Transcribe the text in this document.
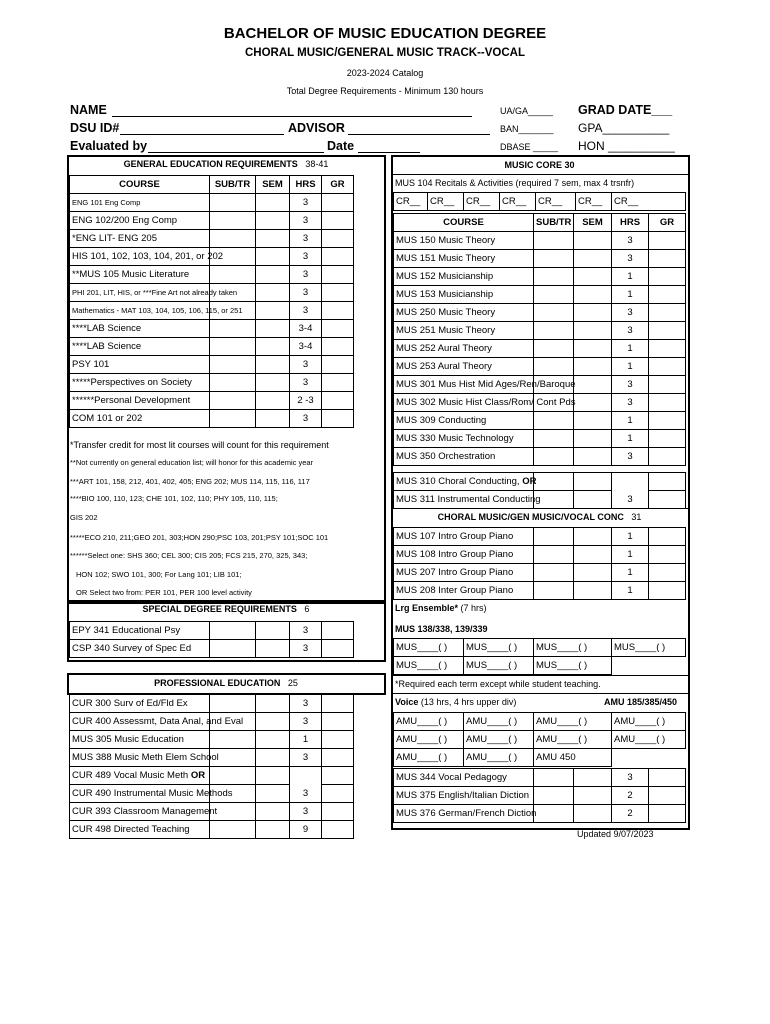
BACHELOR OF MUSIC EDUCATION DEGREE
CHORAL MUSIC/GENERAL MUSIC TRACK--VOCAL
2023-2024 Catalog
Total Degree Requirements - Minimum 130 hours
NAME
DSU ID#	ADVISOR
Evaluated by	Date
UA/GA_____
BAN_______
DBASE _____
GRAD DATE___
GPA__________
HON __________
GENERAL EDUCATION REQUIREMENTS 38-41
COURSE	SUB/TR	SEM	HRS	GR
ENG 101 Eng Comp			3	
ENG 102/200 Eng Comp			3	
*ENG LIT- ENG 205			3	
HIS 101, 102, 103, 104, 201, or 202			3	
**MUS 105 Music Literature			3	
PHI 201, LIT, HIS, or ***Fine Art not already taken			3	
Mathematics - MAT 103, 104, 105, 106, 115, or 251			3	
****LAB Science			3-4	
****LAB Science			3-4	
PSY 101			3	
*****Perspectives on Society			3	
******Personal Development			2 -3	
COM 101 or 202			3	
*Transfer credit for most lit courses will count for this requirement
**Not currently on general education list; will honor for this academic year
***ART 101, 158, 212, 401, 402, 405; ENG 202; MUS 114, 115, 116, 117
****BIO 100, 110, 123; CHE 101, 102, 110; PHY 105, 110, 115;
GIS 202
*****ECO 210, 211;GEO 201, 303;HON 290;PSC 103, 201;PSY 101;SOC 101
******Select one: SHS 360; CEL 300; CIS 205; FCS 215, 270, 325, 343;
HON 102; SWO 101, 300; For Lang 101; LIB 101;
OR Select two from: PER 101, PER 100 level activity
SPECIAL DEGREE REQUIREMENTS 6
EPY 341 Educational Psy			3	
CSP 340 Survey of Spec Ed			3	
PROFESSIONAL EDUCATION 25
CUR 300 Surv of Ed/Fld Ex			3	
CUR 400 Assessmt, Data Anal, and Eval			3	
MUS 305 Music Education			1	
MUS 388 Music Meth Elem School			3	
CUR 489 Vocal Music Meth OR				
CUR 490 Instrumental Music Methods			3	
CUR 393 Classroom Management			3	
CUR 498 Directed Teaching			9	
MUSIC CORE 30
MUS 104 Recitals & Activities (required 7 sem, max 4 trsnfr)
CR__	CR__	CR__	CR__	CR__	CR__	CR__
COURSE	SUB/TR	SEM	HRS	GR
MUS 150 Music Theory			3	
MUS 151 Music Theory			3	
MUS 152 Musicianship			1	
MUS 153 Musicianship			1	
MUS 250 Music Theory			3	
MUS 251 Music Theory			3	
MUS 252 Aural Theory			1	
MUS 253 Aural Theory			1	
MUS 301 Mus Hist Mid Ages/Ren/Baroque			3	
MUS 302 Music Hist Class/Rom/ Cont Pds			3	
MUS 309 Conducting			1	
MUS 330 Music Technology			1	
MUS 350 Orchestration			3	
MUS 310 Choral Conducting, OR				
MUS 311 Instrumental Conducting			3	
CHORAL MUSIC/GEN MUSIC/VOCAL CONC 31
MUS 107 Intro Group Piano			1	
MUS 108 Intro Group Piano			1	
MUS 207 Intro Group Piano			1	
MUS 208 Inter Group Piano			1	
Lrg Ensemble* (7 hrs)
MUS 138/338, 139/339
MUS____( )	MUS____( )	MUS____( )	MUS____( )
MUS____( )	MUS____( )	MUS____( )	
*Required each term except while student teaching.
Voice (13 hrs, 4 hrs upper div)	AMU 185/385/450
AMU____( )	AMU____( )	AMU____( )	AMU____( )
AMU____( )	AMU____( )	AMU____( )	AMU____( )
AMU____( )	AMU____( )	AMU 450	
MUS 344 Vocal Pedagogy			3	
MUS 375 English/Italian Diction			2	
MUS 376 German/French Diction			2	
Updated 9/07/2023
